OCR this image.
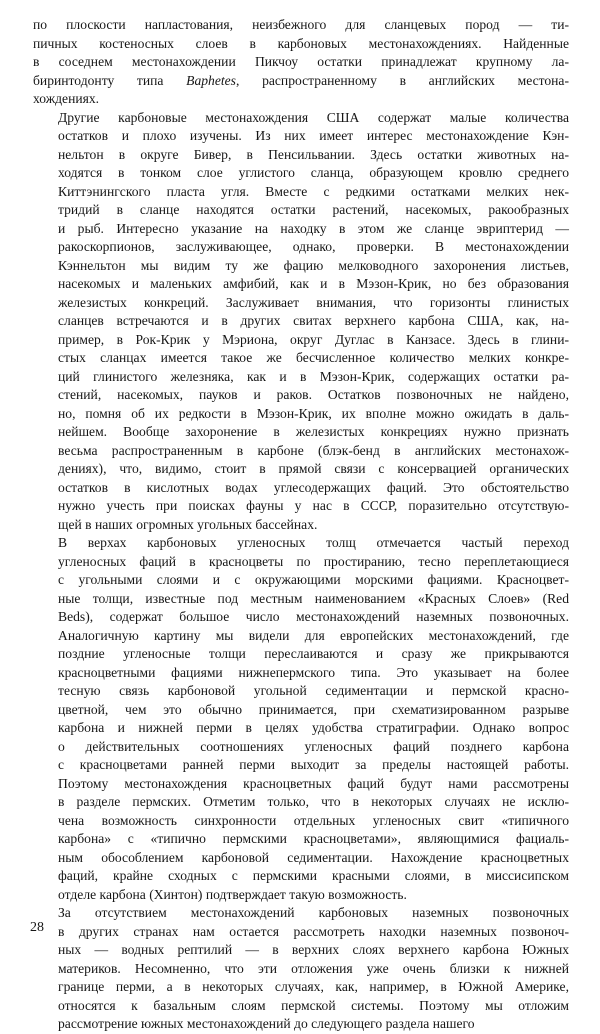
по плоскости напластования, неизбежного для сланцевых пород — ти-
пичных костеносных слоев в карбоновых местонахождениях. Найденные
в соседнем местонахождении Пикчоу остатки принадлежат крупному ла-
биринтодонту типа Baphetes, распространенному в английских местона-
хождениях.

Другие карбоновые местонахождения США содержат малые количества
остатков и плохо изучены. Из них имеет интерес местонахождение Кэн-
нельтон в округе Бивер, в Пенсильвании. Здесь остатки животных на-
ходятся в тонком слое углистого сланца, образующем кровлю среднего
Киттэнингского пласта угля. Вместе с редкими остатками мелких нек-
тридий в сланце находятся остатки растений, насекомых, ракообразных
и рыб. Интересно указание на находку в этом же сланце эвриптерид —
ракоскорпионов, заслуживающее, однако, проверки. В местонахождении
Кэннельтон мы видим ту же фацию мелководного захоронения листьев,
насекомых и маленьких амфибий, как и в Мэзон-Крик, но без образования
железистых конкреций. Заслуживает внимания, что горизонты глинистых
сланцев встречаются и в других свитах верхнего карбона США, как, на-
пример, в Рок-Крик у Мэриона, округ Дуглас в Канзасе. Здесь в глини-
стых сланцах имеется такое же бесчисленное количество мелких конкре-
ций глинистого железняка, как и в Мэзон-Крик, содержащих остатки ра-
стений, насекомых, пауков и раков. Остатков позвоночных не найдено,
но, помня об их редкости в Мэзон-Крик, их вполне можно ожидать в даль-
нейшем. Вообще захоронение в железистых конкрециях нужно признать
весьма распространенным в карбоне (блэк-бенд в английских местонахож-
дениях), что, видимо, стоит в прямой связи с консервацией органических
остатков в кислотных водах углесодержащих фаций. Это обстоятельство
нужно учесть при поисках фауны у нас в СССР, поразительно отсутствую-
щей в наших огромных угольных бассейнах.

В верхах карбоновых угленосных толщ отмечается частый переход
угленосных фаций в красноцветы по простиранию, тесно переплетающиеся
с угольными слоями и с окружающими морскими фациями. Красноцвет-
ные толщи, известные под местным наименованием «Красных Слоев» (Red
Beds), содержат большое число местонахождений наземных позвоночных.
Аналогичную картину мы видели для европейских местонахождений, где
поздние угленосные толщи переслаиваются и сразу же прикрываются
красноцветными фациями нижнепермского типа. Это указывает на более
тесную связь карбоновой угольной седиментации и пермской красно-
цветной, чем это обычно принимается, при схематизированном разрыве
карбона и нижней перми в целях удобства стратиграфии. Однако вопрос
о действительных соотношениях угленосных фаций позднего карбона
с красноцветами ранней перми выходит за пределы настоящей работы.
Поэтому местонахождения красноцветных фаций будут нами рассмотрены
в разделе пермских. Отметим только, что в некоторых случаях не исклю-
чена возможность синхронности отдельных угленосных свит «типичного
карбона» с «типично пермскими красноцветами», являющимися фациаль-
ным обособлением карбоновой седиментации. Нахождение красноцветных
фаций, крайне сходных с пермскими красными слоями, в миссисипском
отделе карбона (Хинтон) подтверждает такую возможность.

За отсутствием местонахождений карбоновых наземных позвоночных
в других странах нам остается рассмотреть находки наземных позвоноч-
ных — водных рептилий — в верхних слоях верхнего карбона Южных
материков. Несомненно, что эти отложения уже очень близки к нижней
границе перми, а в некоторых случаях, как, например, в Южной Америке,
относятся к базальным слоям пермской системы. Поэтому мы отложим
рассмотрение южных местонахождений до следующего раздела нашего

28
